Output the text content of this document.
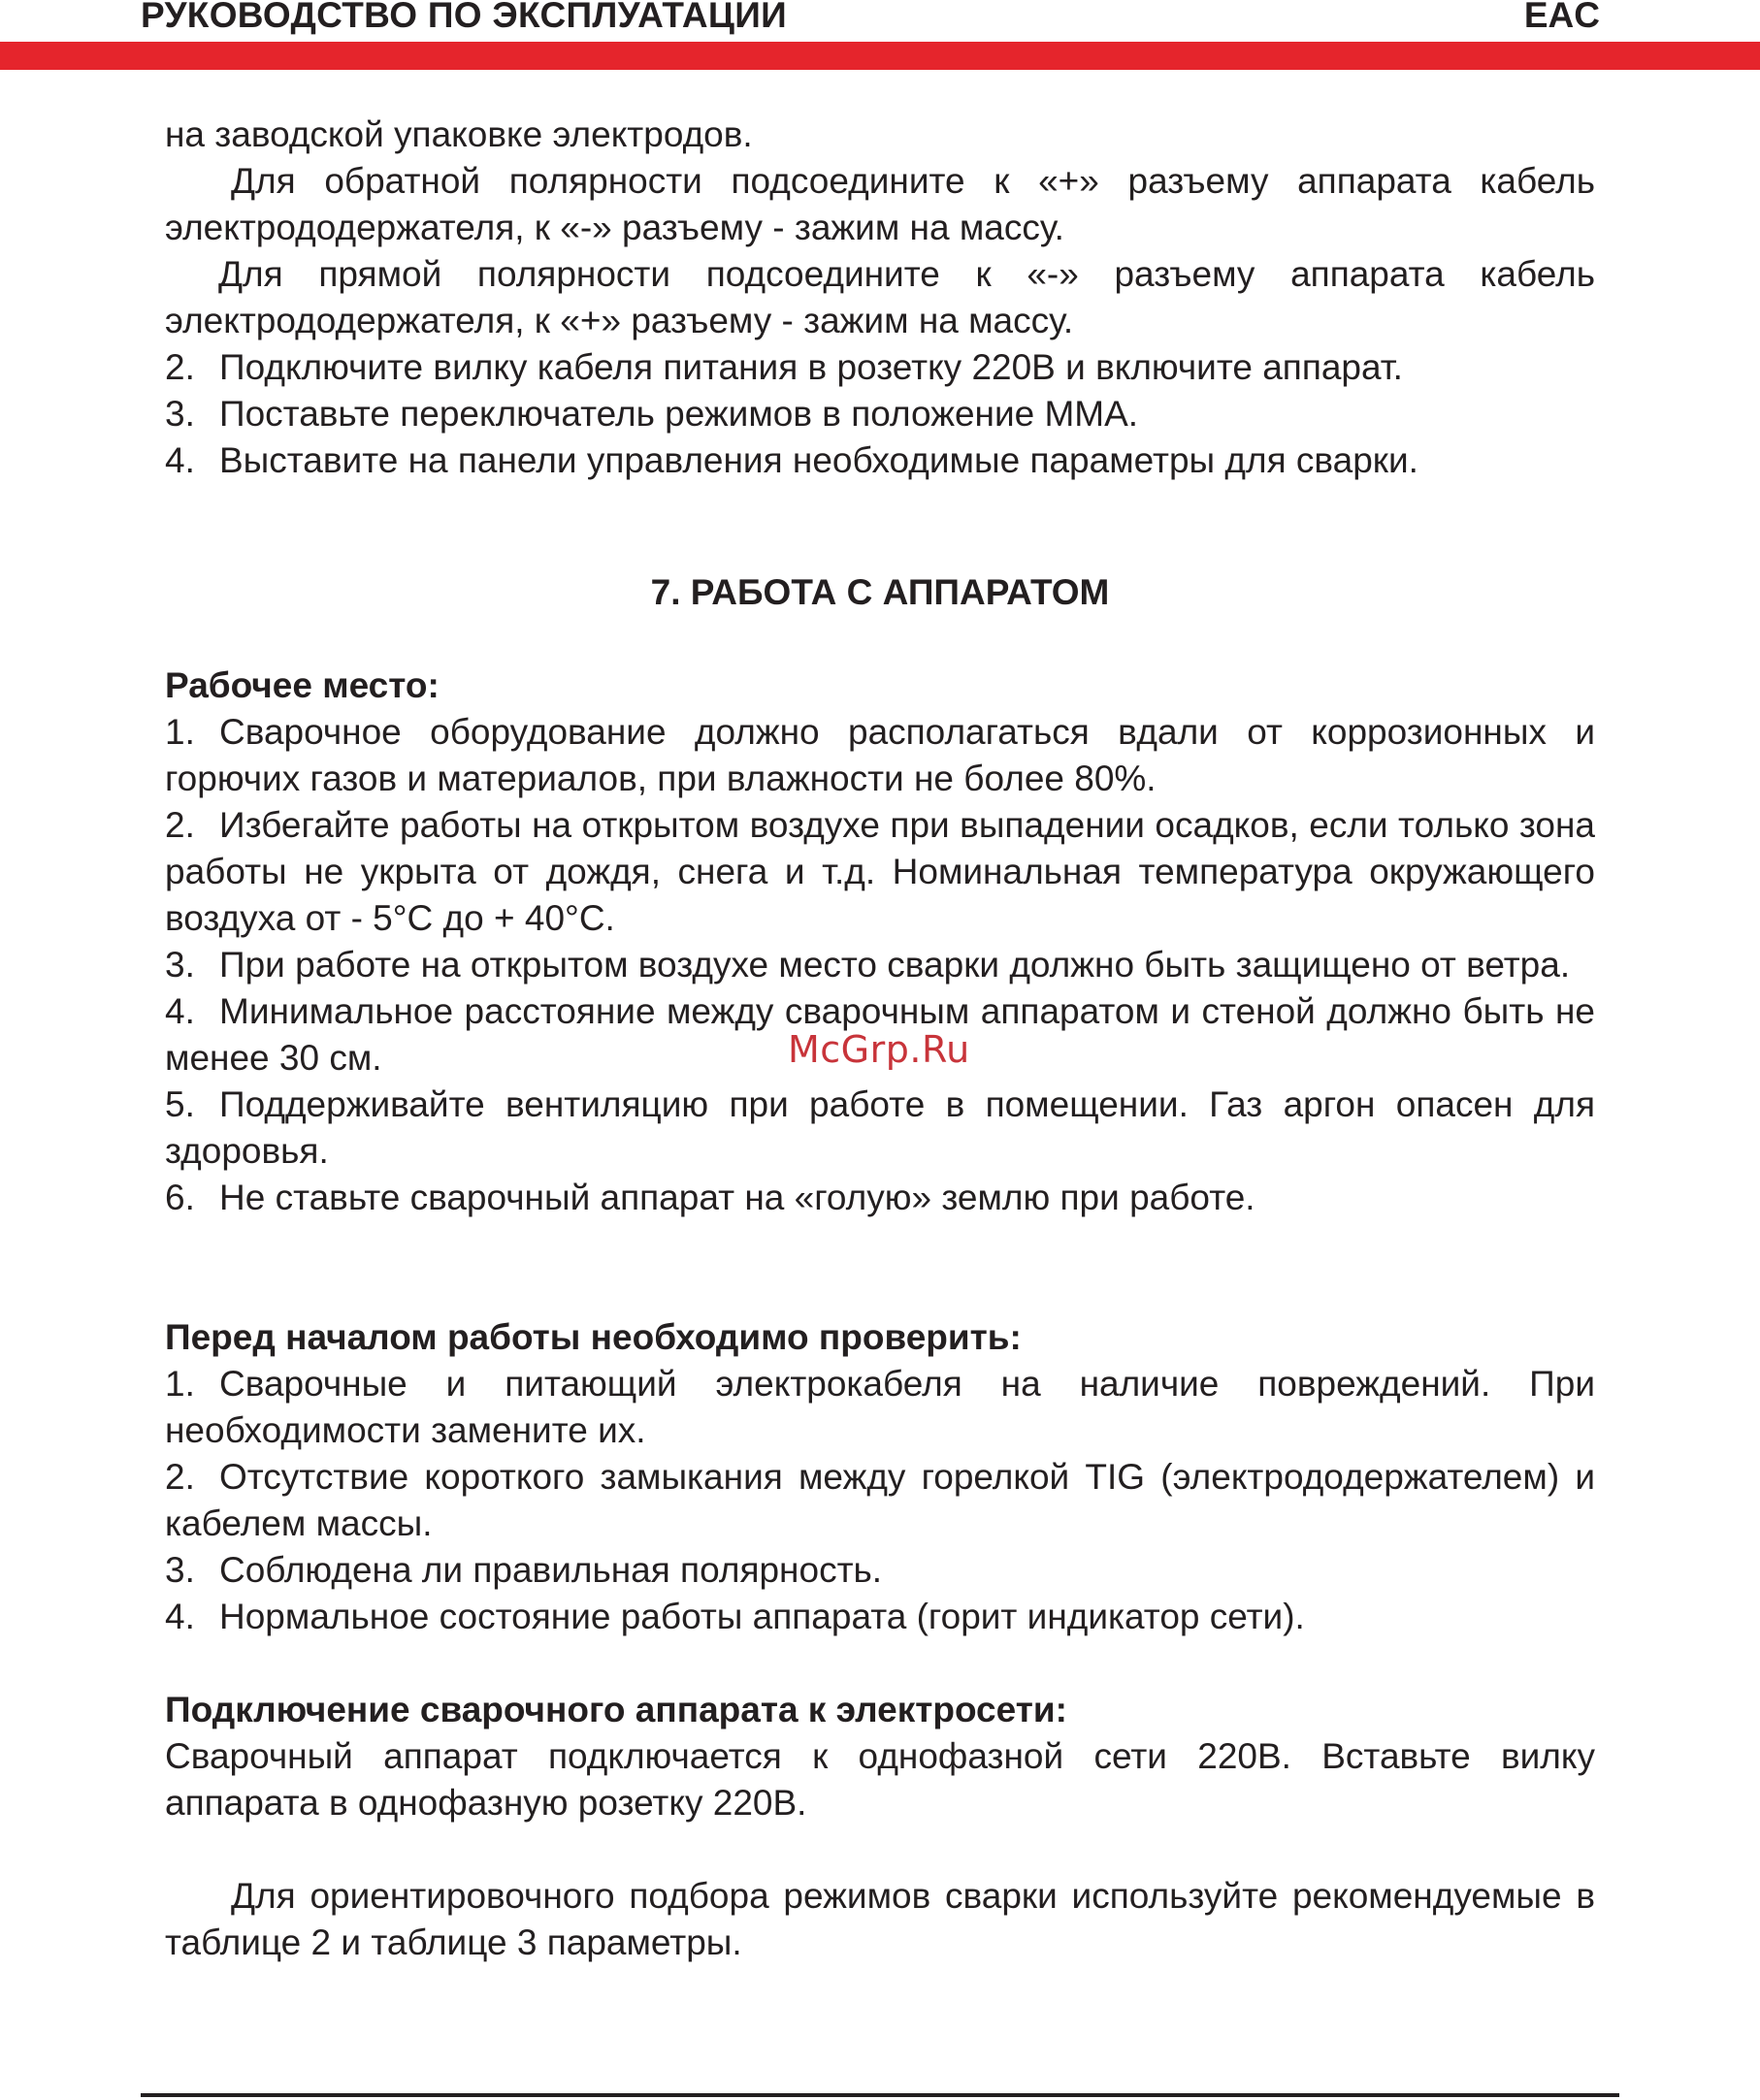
РУКОВОДСТВО ПО ЭКСПЛУАТАЦИИ	EAC

на заводской упаковке электродов.

Для обратной полярности подсоедините к «+» разъему аппарата кабель электрододержателя, к «-» разъему - зажим на массу.

Для прямой полярности подсоедините к «-» разъему аппарата кабель электрододержателя, к «+» разъему - зажим на массу.

2. Подключите вилку кабеля питания в розетку 220В и включите аппарат.

3. Поставьте переключатель режимов в положение ММА.

4. Выставите на панели управления необходимые параметры для сварки.

7. РАБОТА С АППАРАТОМ

Рабочее место:

1. Сварочное оборудование должно располагаться вдали от коррозионных и горючих газов и материалов, при влажности не более 80%.

2. Избегайте работы на открытом воздухе при выпадении осадков, если только зона работы не укрыта от дождя, снега и т.д. Номинальная температура окружающего воздуха от - 5°С до + 40°С.

3. При работе на открытом воздухе место сварки должно быть защищено от ветра.

4. Минимальное расстояние между сварочным аппаратом и стеной должно быть не менее 30 см.

5. Поддерживайте вентиляцию при работе в помещении. Газ аргон опасен для здоровья.

6. Не ставьте сварочный аппарат на «голую» землю при работе.

Перед началом работы необходимо проверить:

1. Сварочные и питающий электрокабеля на наличие повреждений. При необходимости замените их.

2. Отсутствие короткого замыкания между горелкой TIG (электрододержателем) и кабелем массы.

3. Соблюдена ли правильная полярность.

4. Нормальное состояние работы аппарата (горит индикатор сети).

Подключение сварочного аппарата к электросети:

Сварочный аппарат подключается к однофазной сети 220В. Вставьте вилку аппарата в однофазную розетку 220В.

Для ориентировочного подбора режимов сварки используйте рекомендуемые в таблице 2 и таблице 3 параметры.

McGrp.Ru
